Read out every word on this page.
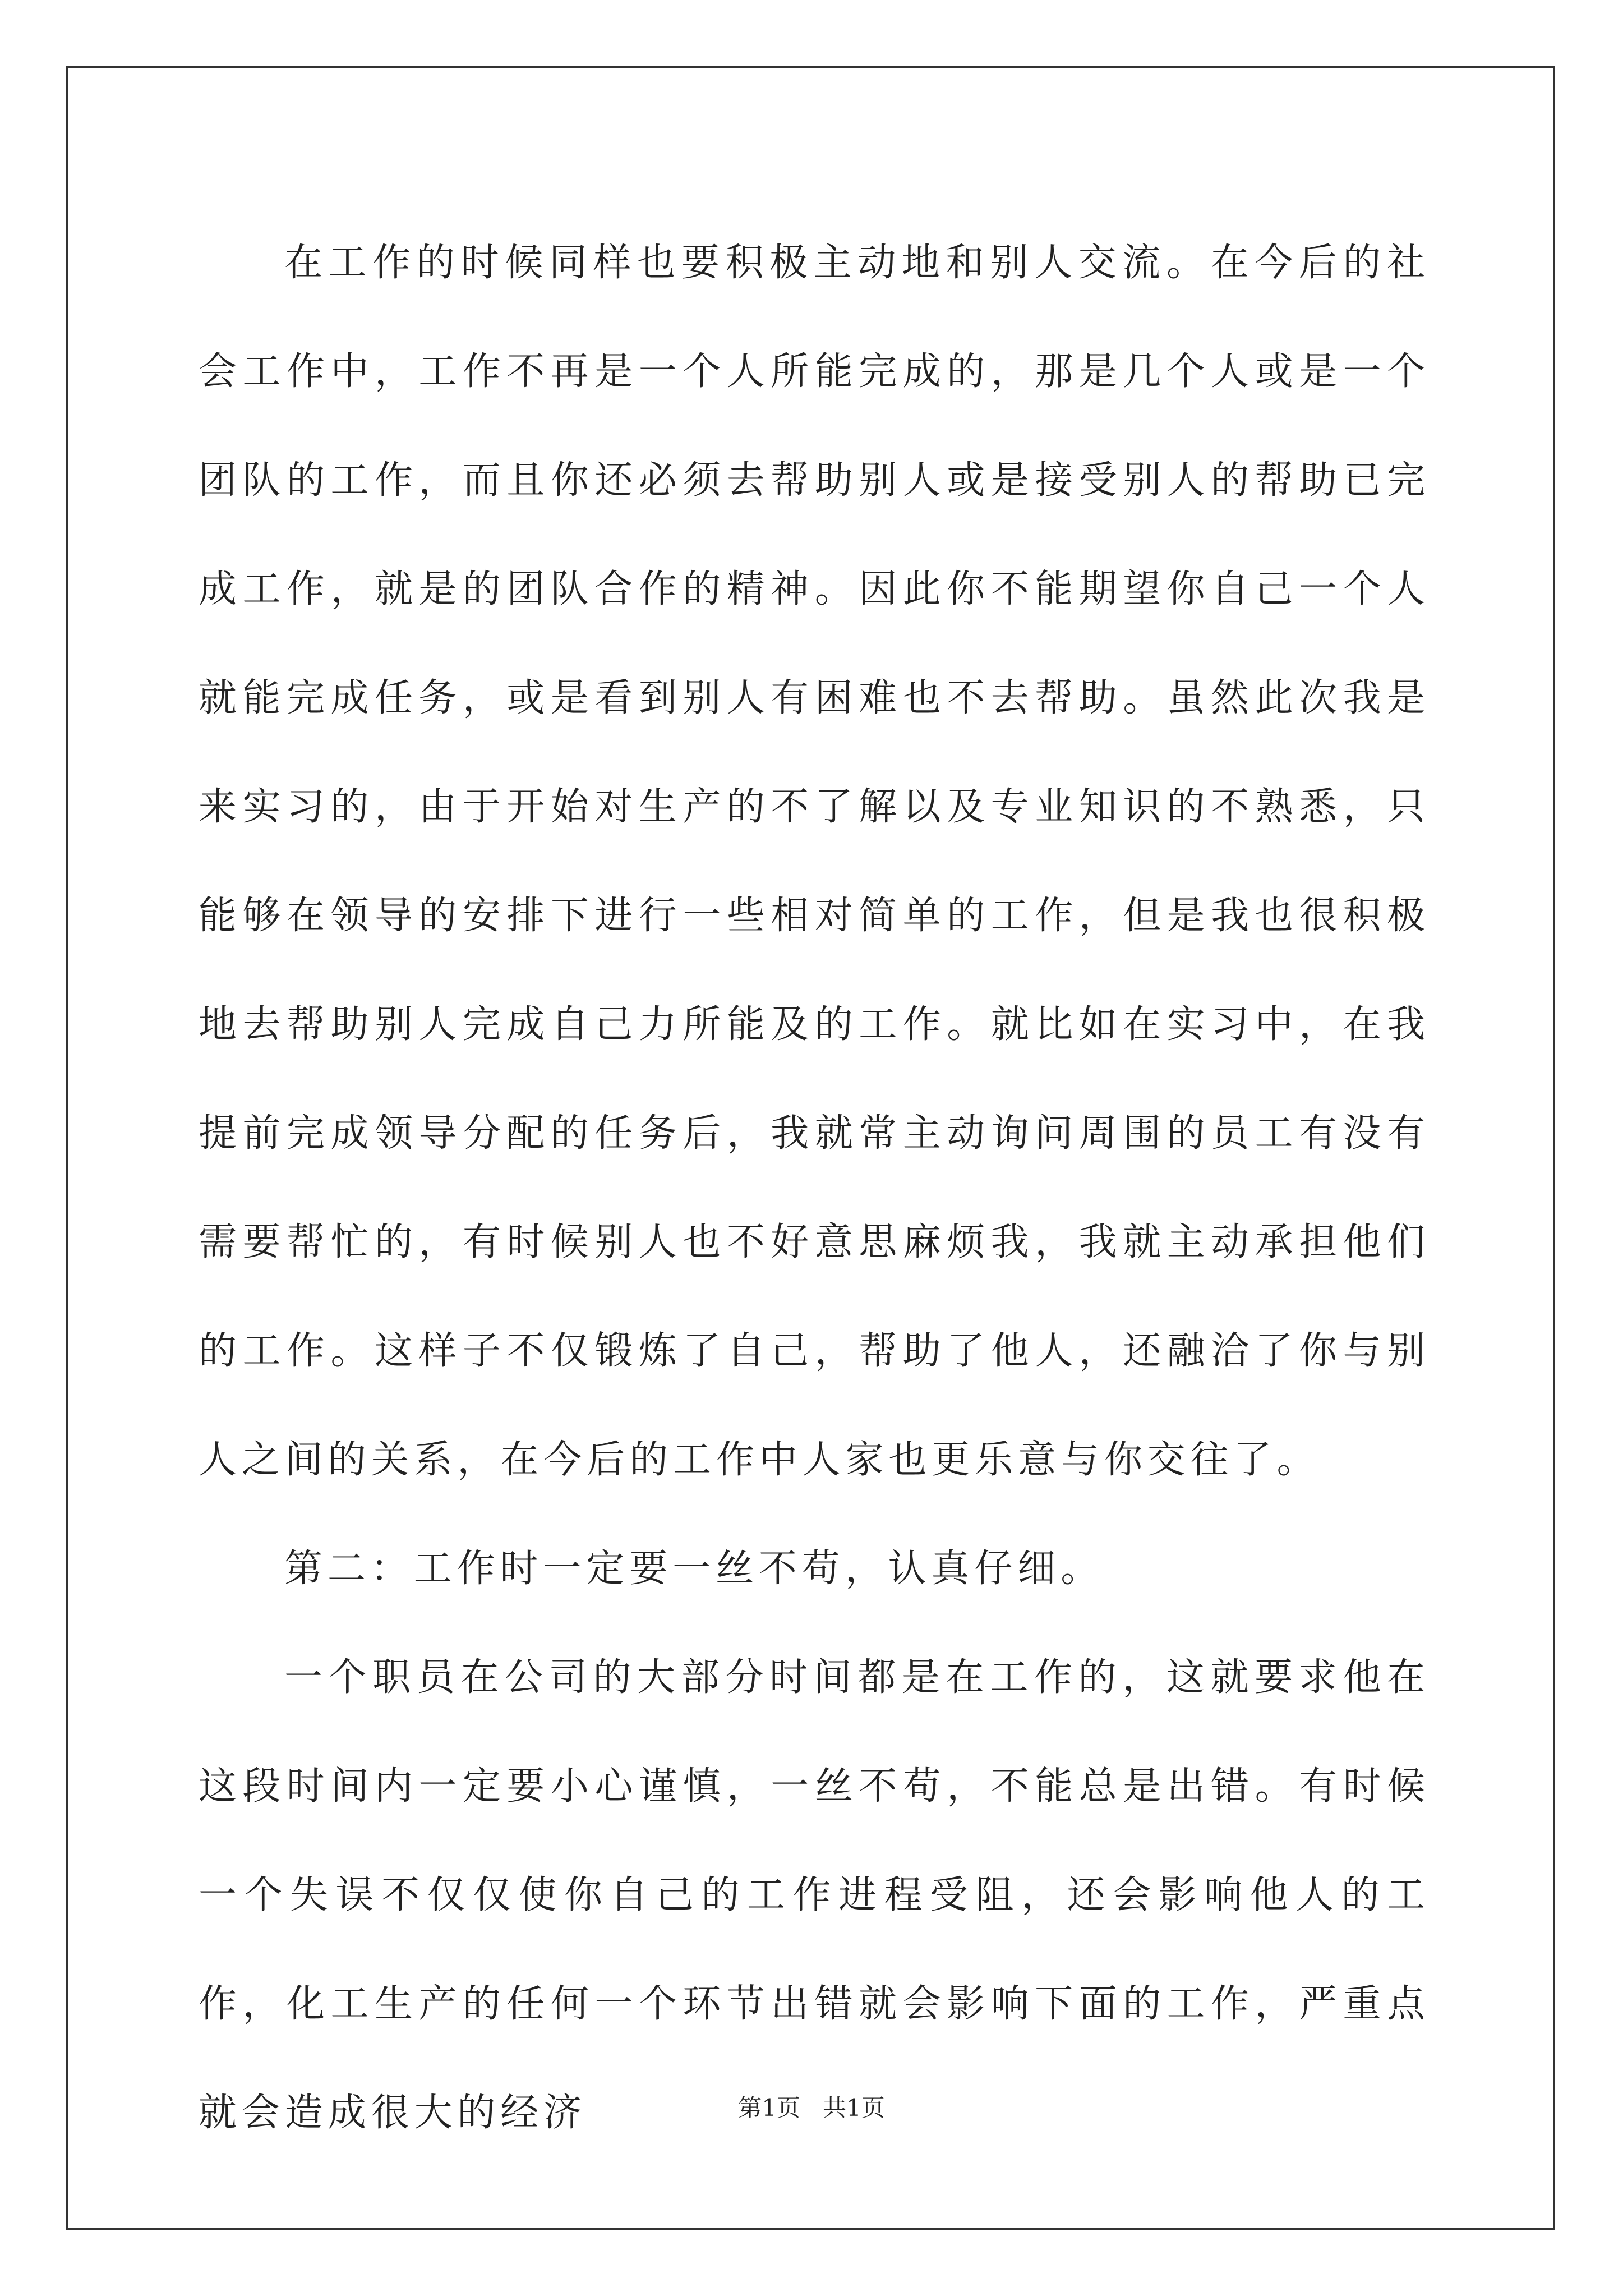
在工作的时候同样也要积极主动地和别人交流。在今后的社会工作中，工作不再是一个人所能完成的，那是几个人或是一个团队的工作，而且你还必须去帮助别人或是接受别人的帮助已完成工作，就是的团队合作的精神。因此你不能期望你自己一个人就能完成任务，或是看到别人有困难也不去帮助。虽然此次我是来实习的，由于开始对生产的不了解以及专业知识的不熟悉，只能够在领导的安排下进行一些相对简单的工作，但是我也很积极地去帮助别人完成自己力所能及的工作。就比如在实习中，在我提前完成领导分配的任务后，我就常主动询问周围的员工有没有需要帮忙的，有时候别人也不好意思麻烦我，我就主动承担他们的工作。这样子不仅锻炼了自己，帮助了他人，还融洽了你与别人之间的关系，在今后的工作中人家也更乐意与你交往了。

第二：工作时一定要一丝不苟，认真仔细。

一个职员在公司的大部分时间都是在工作的，这就要求他在这段时间内一定要小心谨慎，一丝不苟，不能总是出错。有时候一个失误不仅仅使你自己的工作进程受阻，还会影响他人的工作，化工生产的任何一个环节出错就会影响下面的工作，严重点就会造成很大的经济	第1页   共1页
